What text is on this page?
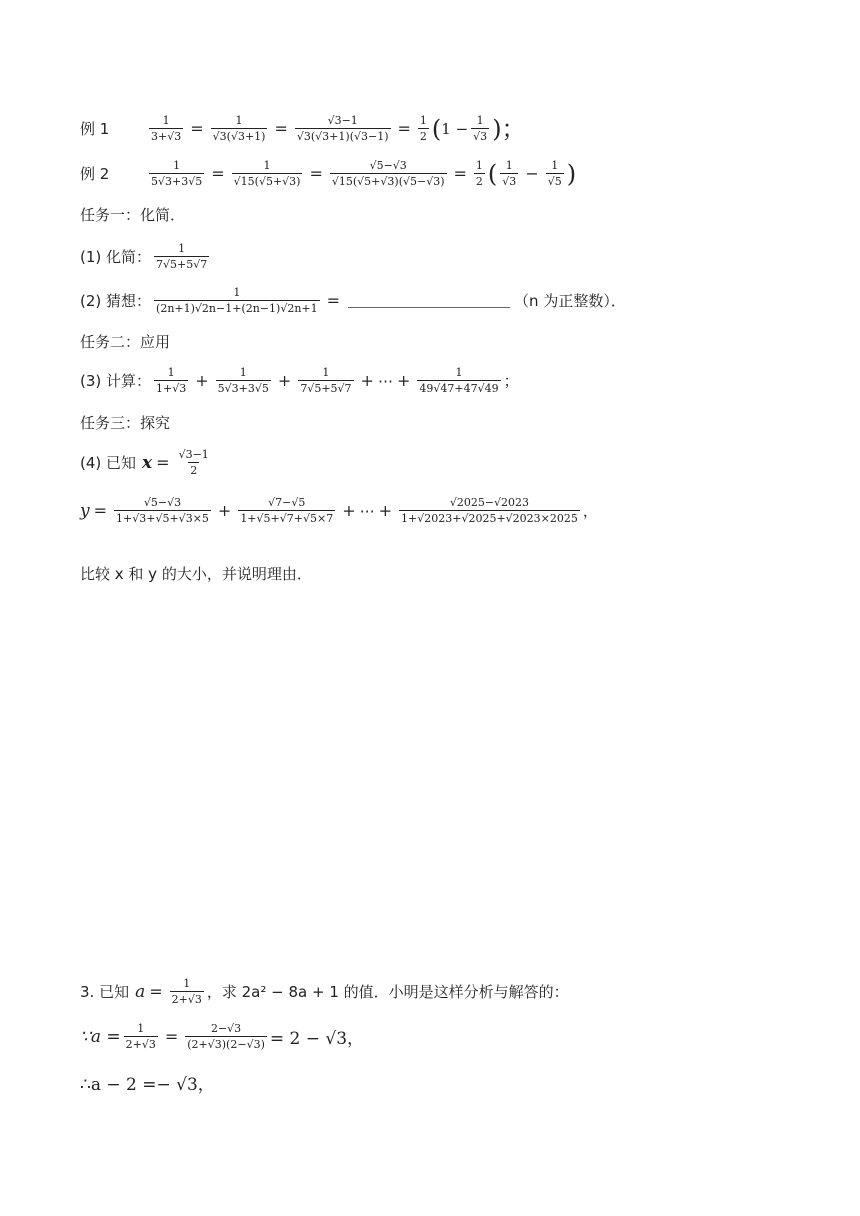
例 1	$\frac{1}{3+√3} = \frac{1}{√3(√3+1)} = \frac{√3-1}{√3(√3+1)(√3-1)} = \frac{1}{2}$ ( $1 - \frac{1}{√3}$ )；
例 2	$\frac{1}{5√3+3√5} = \frac{1}{√15(√5+√3)} = \frac{√5-√3}{√15(√5+√3)(√5-√3)} = \frac{1}{2}$ ( $\frac{1}{√3} - \frac{1}{√5}$ )
任务一：化简．
(1) 化简： $\frac{1}{7√5+5√7}$
(2) 猜想： $\frac{1}{(2n+1)√2n-1+(2n-1)√2n+1}$ =	（n 为正整数）．
任务二：应用
(3) 计算： $\frac{1}{1+√3} + \frac{1}{5√3+3√5} + \frac{1}{7√5+5√7}$ + ⋯ + $\frac{1}{49√47+47√49}$ ；
任务三：探究
(4) 已知 $x = \frac{√3-1}{2}$
$y = \frac{√5-√3}{1+√3+√5+√3\times 5} + \frac{√7-√5}{1+√5+√7+√5\times 7}$ + ⋯ + $\frac{√2025-√2023}{1+√2023+√2025+√2023\times 2025}$ ，
比较 x 和 y 的大小，并说明理由．
3. 已知 $a = \frac{1}{2+√3}$ ，求 2a² − 8a + 1 的值．小明是这样分析与解答的：
∵a = $\frac{1}{2+√3} = \frac{2-√3}{(2+√3)(2-√3)} = 2 - √3$，
∴a − 2 =− √3，
